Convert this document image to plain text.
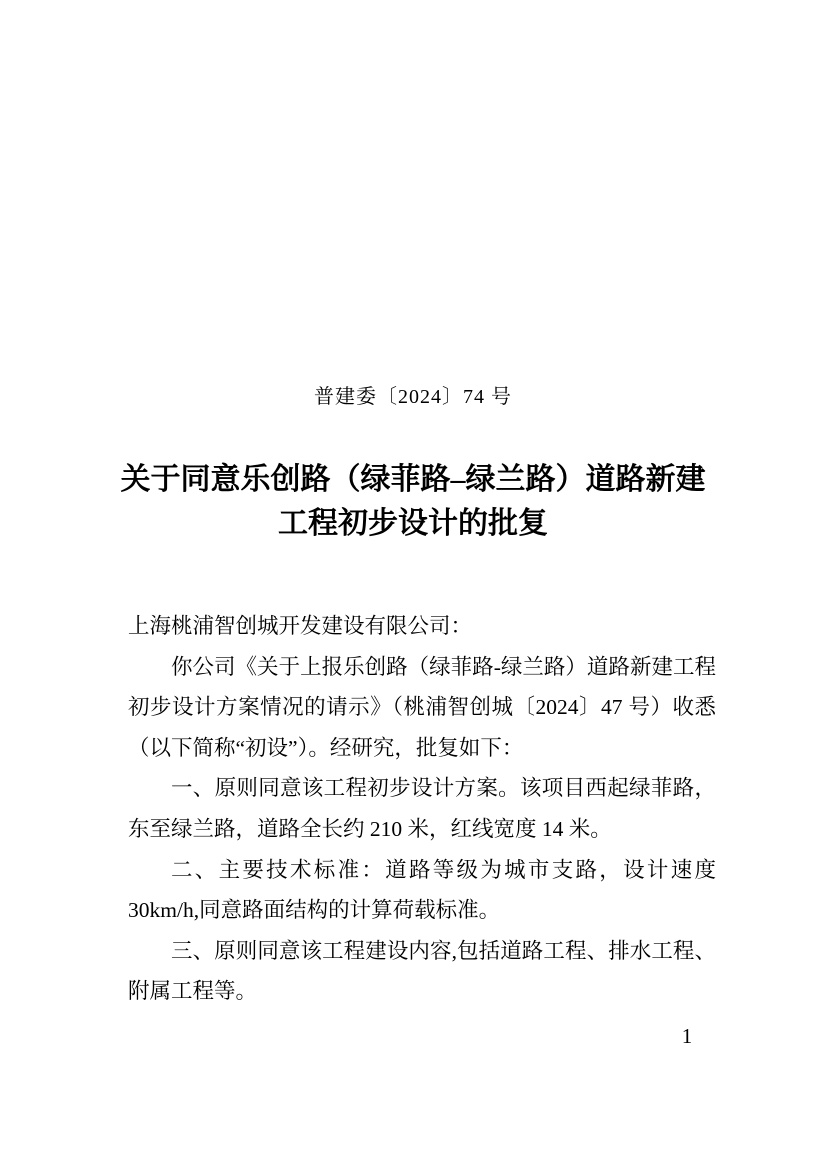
普建委〔2024〕74 号
关于同意乐创路（绿菲路–绿兰路）道路新建
工程初步设计的批复

上海桃浦智创城开发建设有限公司：

你公司《关于上报乐创路（绿菲路-绿兰路）道路新建工程初步设计方案情况的请示》（桃浦智创城〔2024〕47 号）收悉（以下简称“初设”）。经研究，批复如下：

一、原则同意该工程初步设计方案。该项目西起绿菲路，东至绿兰路，道路全长约 210 米，红线宽度 14 米。

二、主要技术标准：道路等级为城市支路，设计速度 30km/h,同意路面结构的计算荷载标准。

三、原则同意该工程建设内容,包括道路工程、排水工程、附属工程等。

1
